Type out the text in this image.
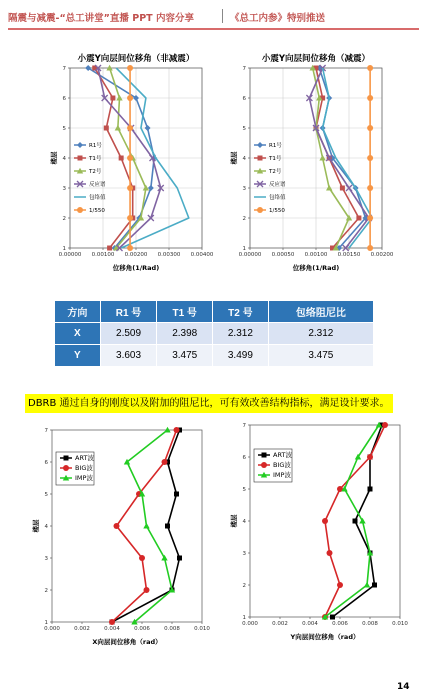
隔震与减震-“总工讲堂”直播 PPT 内容分享	《总工内参》特别推送
小震Y向层间位移角（非减震）
0.00000 0.00100 0.00200 0.00300 0.00400
1
2
3
4
5
6
7
位移角(1/Rad)
楼层
R1号
T1号
T2号
反应谱
包络值
1/550
小震Y向层间位移角（减震）
0.00000 0.00050 0.00100 0.00150 0.00200
1
2
3
4
5
6
7
位移角(1/Rad)
楼层
R1号
T1号
T2号
反应谱
包络值
1/550
方向	R1 号	T1 号	T2 号	包络阻尼比
X	2.509	2.398	2.312	2.312
Y	3.603	3.475	3.499	3.475
DBRB 通过自身的刚度以及附加的阻尼比，可有效改善结构指标，满足设计要求。
0.000	0.002	0.004	0.006	0.008	0.010
1
2
3
4
5
6
7
X向层间位移角（rad）
楼层
ART波
BIG波
IMP波
0.000	0.002	0.004	0.006	0.008	0.010
1
2
3
4
5
6
7
Y向层间位移角（rad）
楼层
ART波
BIG波
IMP波
14
